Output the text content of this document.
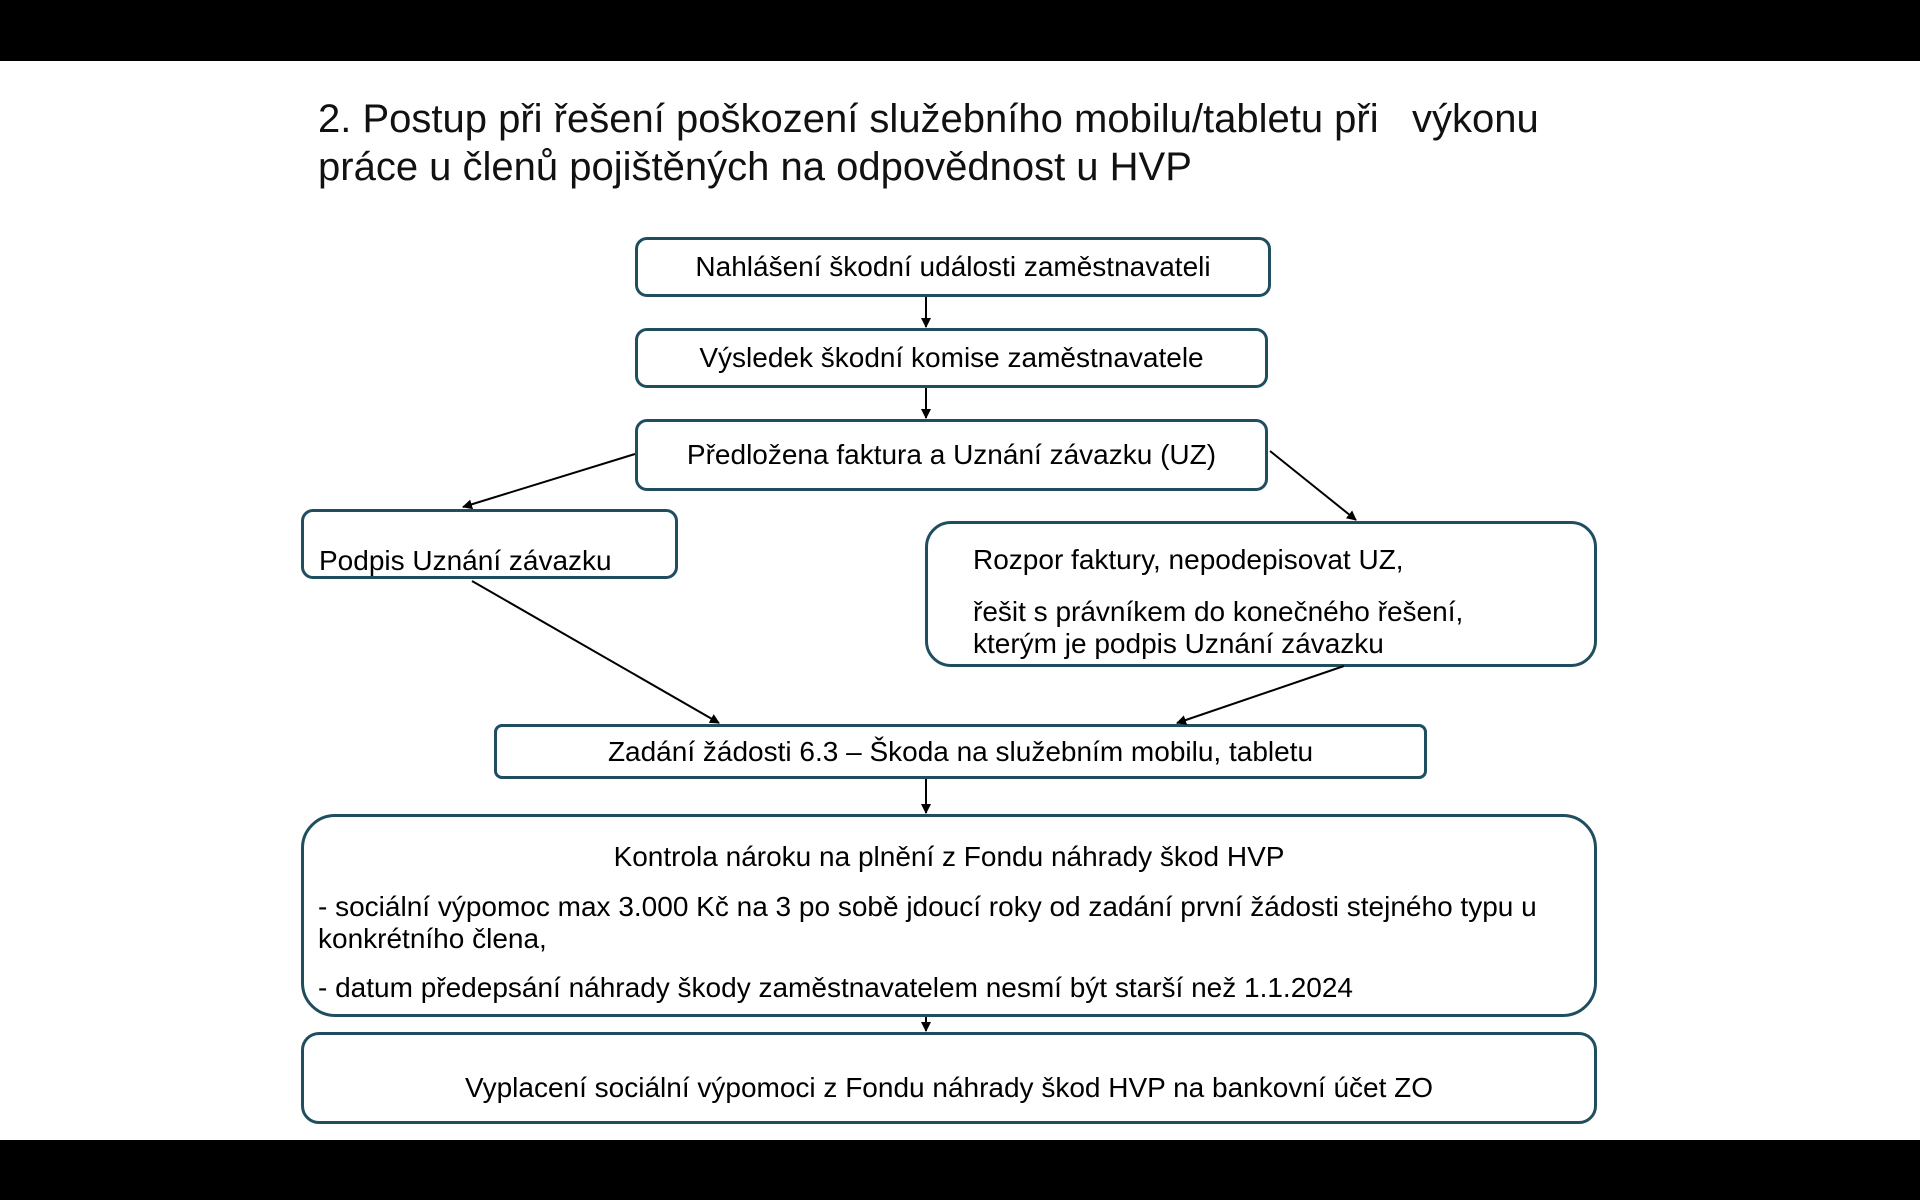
2. Postup při řešení poškození služebního mobilu/tabletu při   výkonu práce u členů pojištěných na odpovědnost u HVP
Nahlášení škodní události zaměstnavateli
Výsledek škodní komise zaměstnavatele
Předložena faktura a Uznání závazku (UZ)
Podpis Uznání závazku	Rozpor faktury, nepodepisovat UZ,
řešit s právníkem do konečného řešení, kterým je podpis Uznání závazku
Zadání žádosti 6.3 – Škoda na služebním mobilu, tabletu
Kontrola nároku na plnění z Fondu náhrady škod HVP
- sociální výpomoc max 3.000 Kč na 3 po sobě jdoucí roky od zadání první žádosti stejného typu u konkrétního člena,
- datum předepsání náhrady škody zaměstnavatelem nesmí být starší než 1.1.2024
Vyplacení sociální výpomoci z Fondu náhrady škod HVP na bankovní účet ZO
